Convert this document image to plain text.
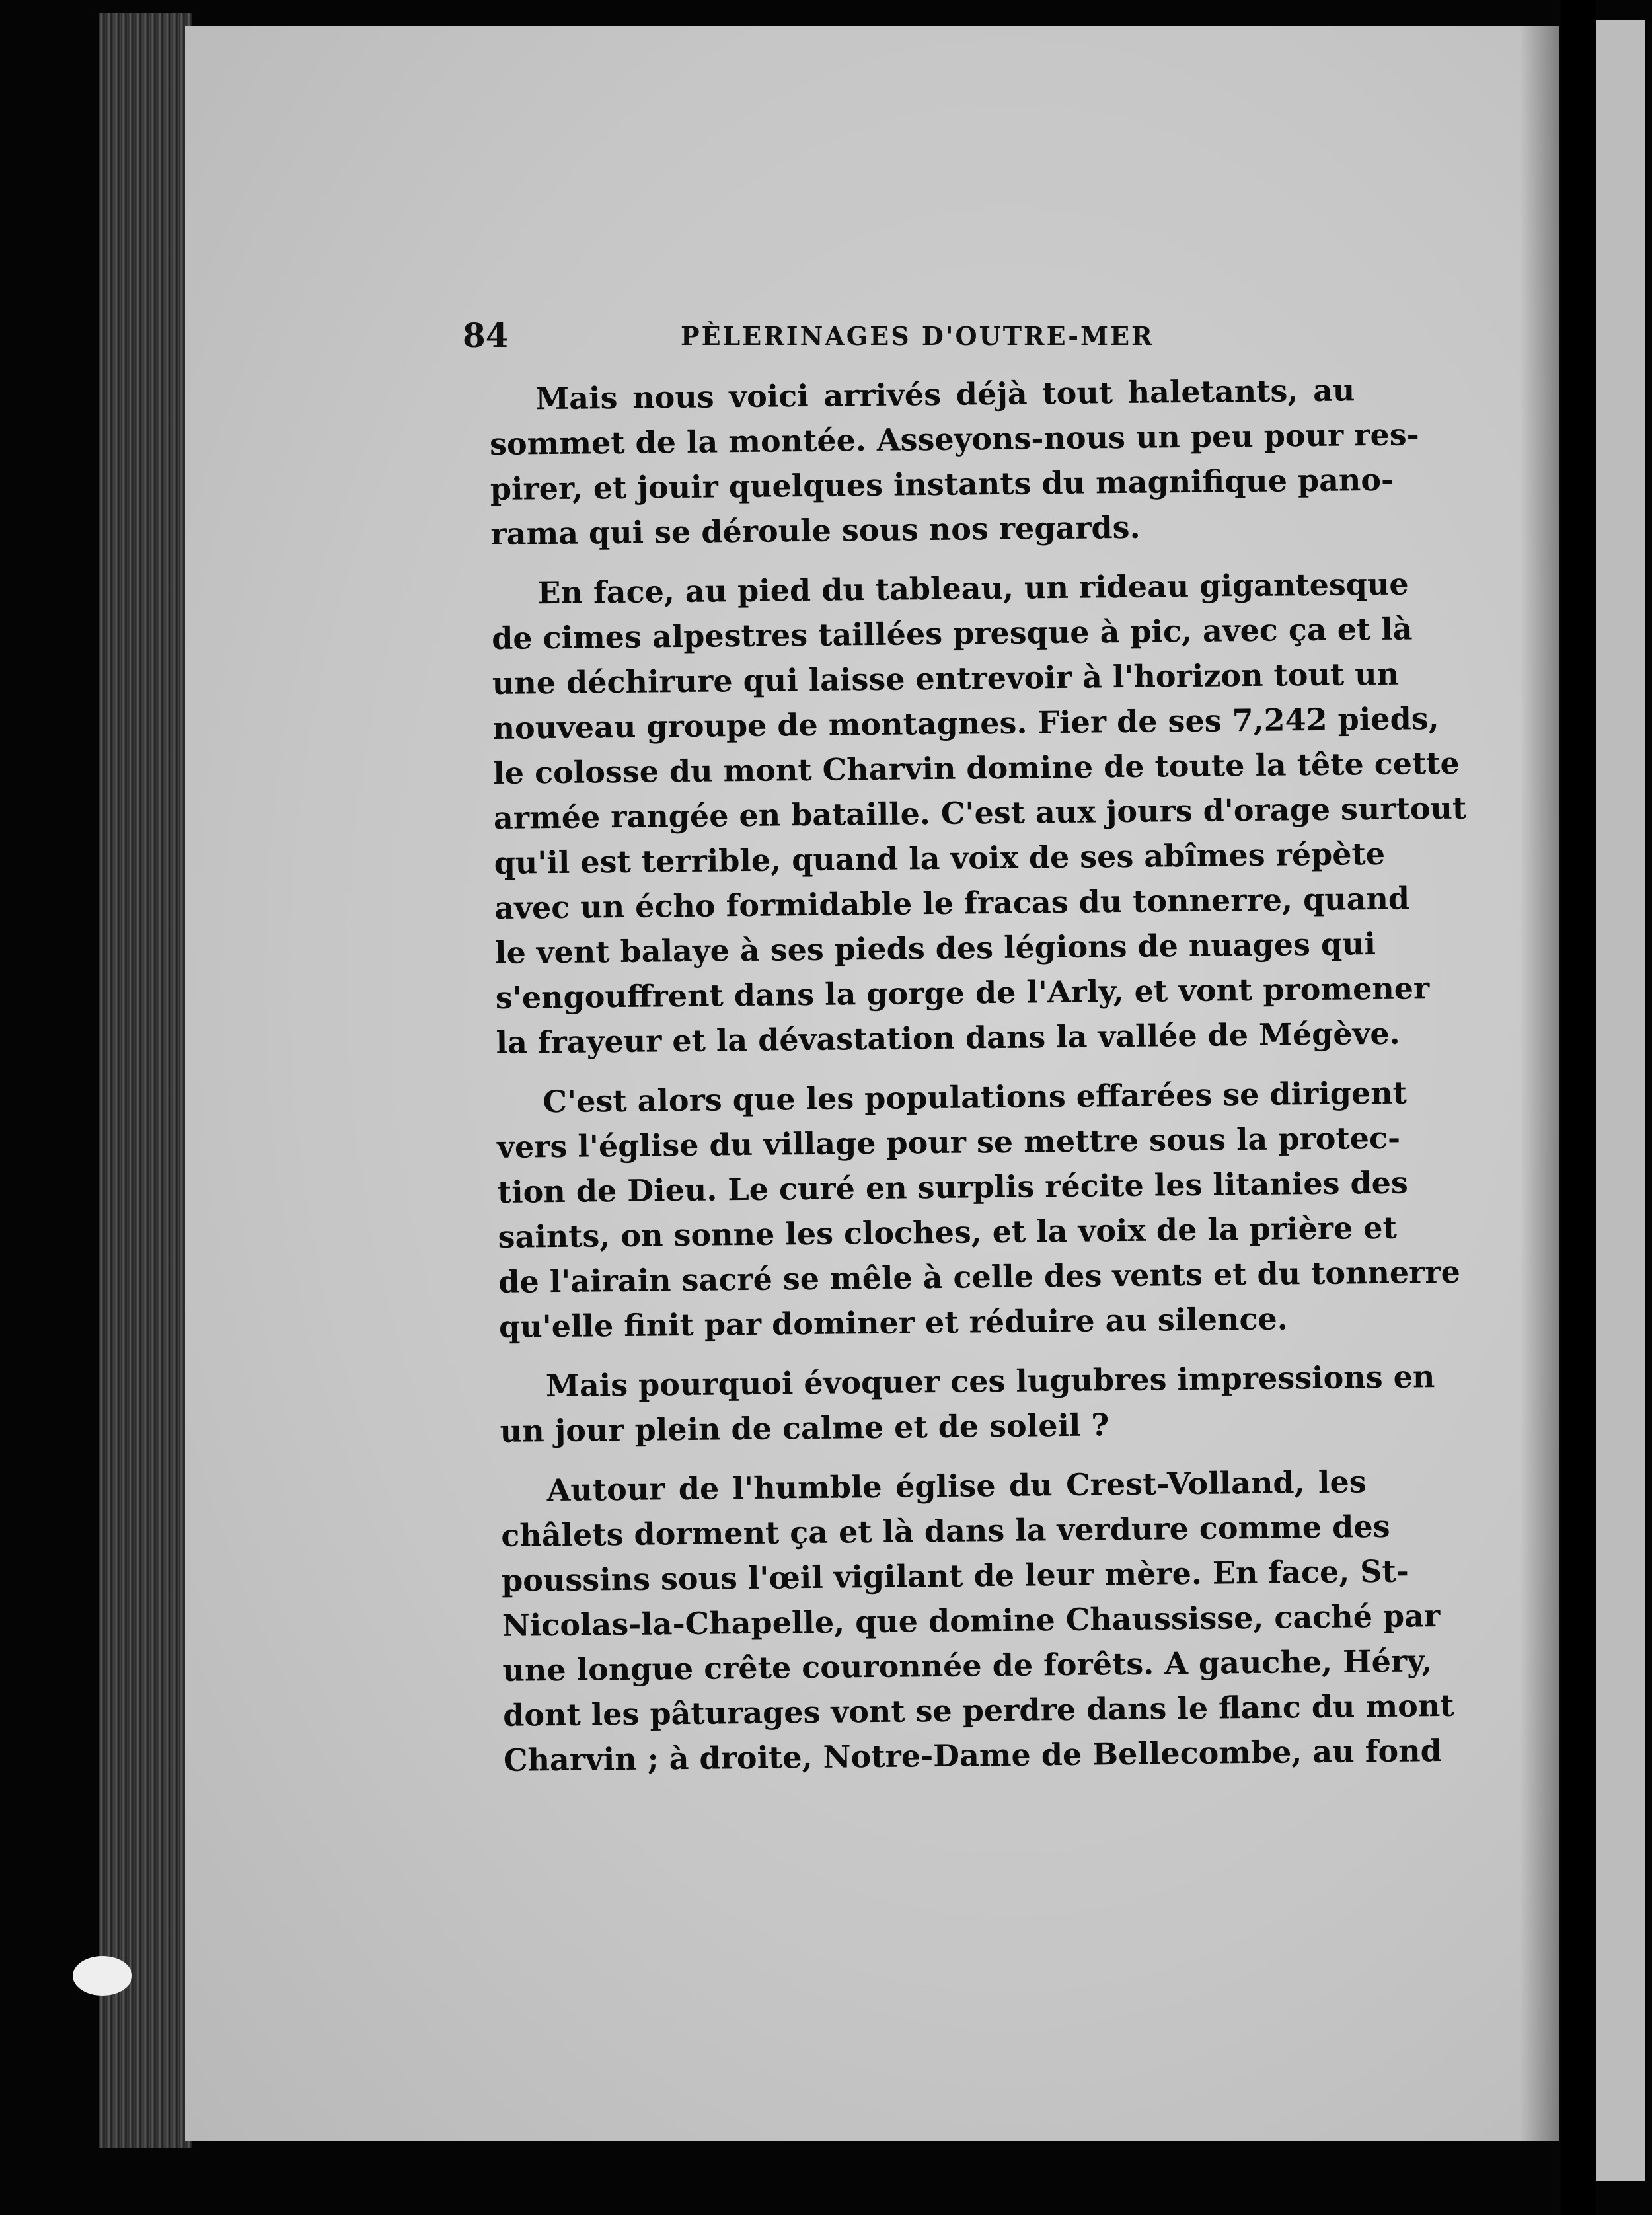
84	PÈLERINAGES D'OUTRE-MER
Mais nous voici arrivés déjà tout haletants, au
sommet de la montée. Asseyons-nous un peu pour res-
pirer, et jouir quelques instants du magnifique pano-
rama qui se déroule sous nos regards.
En face, au pied du tableau, un rideau gigantesque
de cimes alpestres taillées presque à pic, avec ça et là
une déchirure qui laisse entrevoir à l'horizon tout un
nouveau groupe de montagnes. Fier de ses 7,242 pieds,
le colosse du mont Charvin domine de toute la tête cette
armée rangée en bataille. C'est aux jours d'orage surtout
qu'il est terrible, quand la voix de ses abîmes répète
avec un écho formidable le fracas du tonnerre, quand
le vent balaye à ses pieds des légions de nuages qui
s'engouffrent dans la gorge de l'Arly, et vont promener
la frayeur et la dévastation dans la vallée de Mégève.
C'est alors que les populations effarées se dirigent
vers l'église du village pour se mettre sous la protec-
tion de Dieu. Le curé en surplis récite les litanies des
saints, on sonne les cloches, et la voix de la prière et
de l'airain sacré se mêle à celle des vents et du tonnerre
qu'elle finit par dominer et réduire au silence.
Mais pourquoi évoquer ces lugubres impressions en
un jour plein de calme et de soleil ?
Autour de l'humble église du Crest-Volland, les
châlets dorment ça et là dans la verdure comme des
poussins sous l'œil vigilant de leur mère. En face, St-
Nicolas-la-Chapelle, que domine Chaussisse, caché par
une longue crête couronnée de forêts. A gauche, Héry,
dont les pâturages vont se perdre dans le flanc du mont
Charvin ; à droite, Notre-Dame de Bellecombe, au fond
